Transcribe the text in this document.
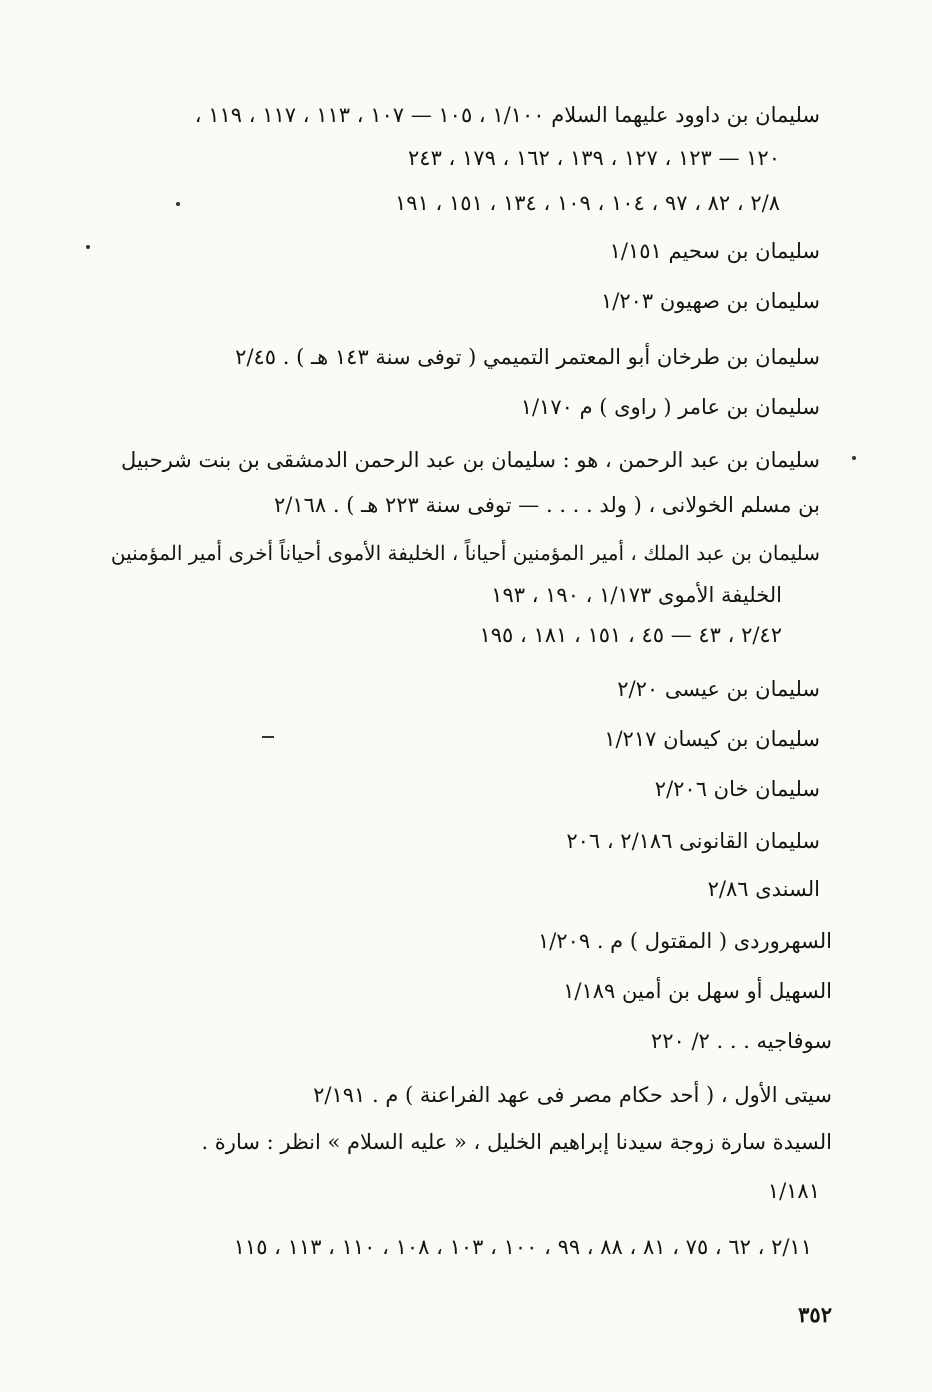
سليمان بن داوود عليهما السلام ١/١٠٠ ، ١٠٥ — ١٠٧ ، ١١٣ ، ١١٧ ، ١١٩ ،
١٢٠ — ١٢٣ ، ١٢٧ ، ١٣٩ ، ١٦٢ ، ١٧٩ ، ٢٤٣
٢/٨ ، ٨٢ ، ٩٧ ، ١٠٤ ، ١٠٩ ، ١٣٤ ، ١٥١ ، ١٩١
سليمان بن سحيم ١/١٥١
سليمان بن صهيون ١/٢٠٣
سليمان بن طرخان أبو المعتمر التميمي ( توفى سنة ١٤٣ هـ ) . ٢/٤٥
سليمان بن عامر ( راوى ) م ١/١٧٠
سليمان بن عبد الرحمن ، هو : سليمان بن عبد الرحمن الدمشقى بن بنت شرحبيل
بن مسلم الخولانى ، ( ولد . . . . — توفى سنة ٢٢٣ هـ ) . ٢/١٦٨
سليمان بن عبد الملك ، أمير المؤمنين أحياناً ، الخليفة الأموى أحياناً أخرى أمير المؤمنين
الخليفة الأموى ١/١٧٣ ، ١٩٠ ، ١٩٣
٢/٤٢ ، ٤٣ — ٤٥ ، ١٥١ ، ١٨١ ، ١٩٥
سليمان بن عيسى ٢/٢٠
سليمان بن كيسان ١/٢١٧
سليمان خان ٢/٢٠٦
سليمان القانونى ٢/١٨٦ ، ٢٠٦
السندى ٢/٨٦
السهروردى ( المقتول ) م . ١/٢٠٩
السهيل أو سهل بن أمين ١/١٨٩
سوفاجيه . . . ٢/ ٢٢٠
سيتى الأول ، ( أحد حكام مصر فى عهد الفراعنة ) م . ٢/١٩١
السيدة سارة زوجة سيدنا إبراهيم الخليل ، « عليه السلام » انظر : سارة .
١/١٨١
٢/١١ ، ٦٢ ، ٧٥ ، ٨١ ، ٨٨ ، ٩٩ ، ١٠٠ ، ١٠٣ ، ١٠٨ ، ١١٠ ، ١١٣ ، ١١٥
٣٥٢
